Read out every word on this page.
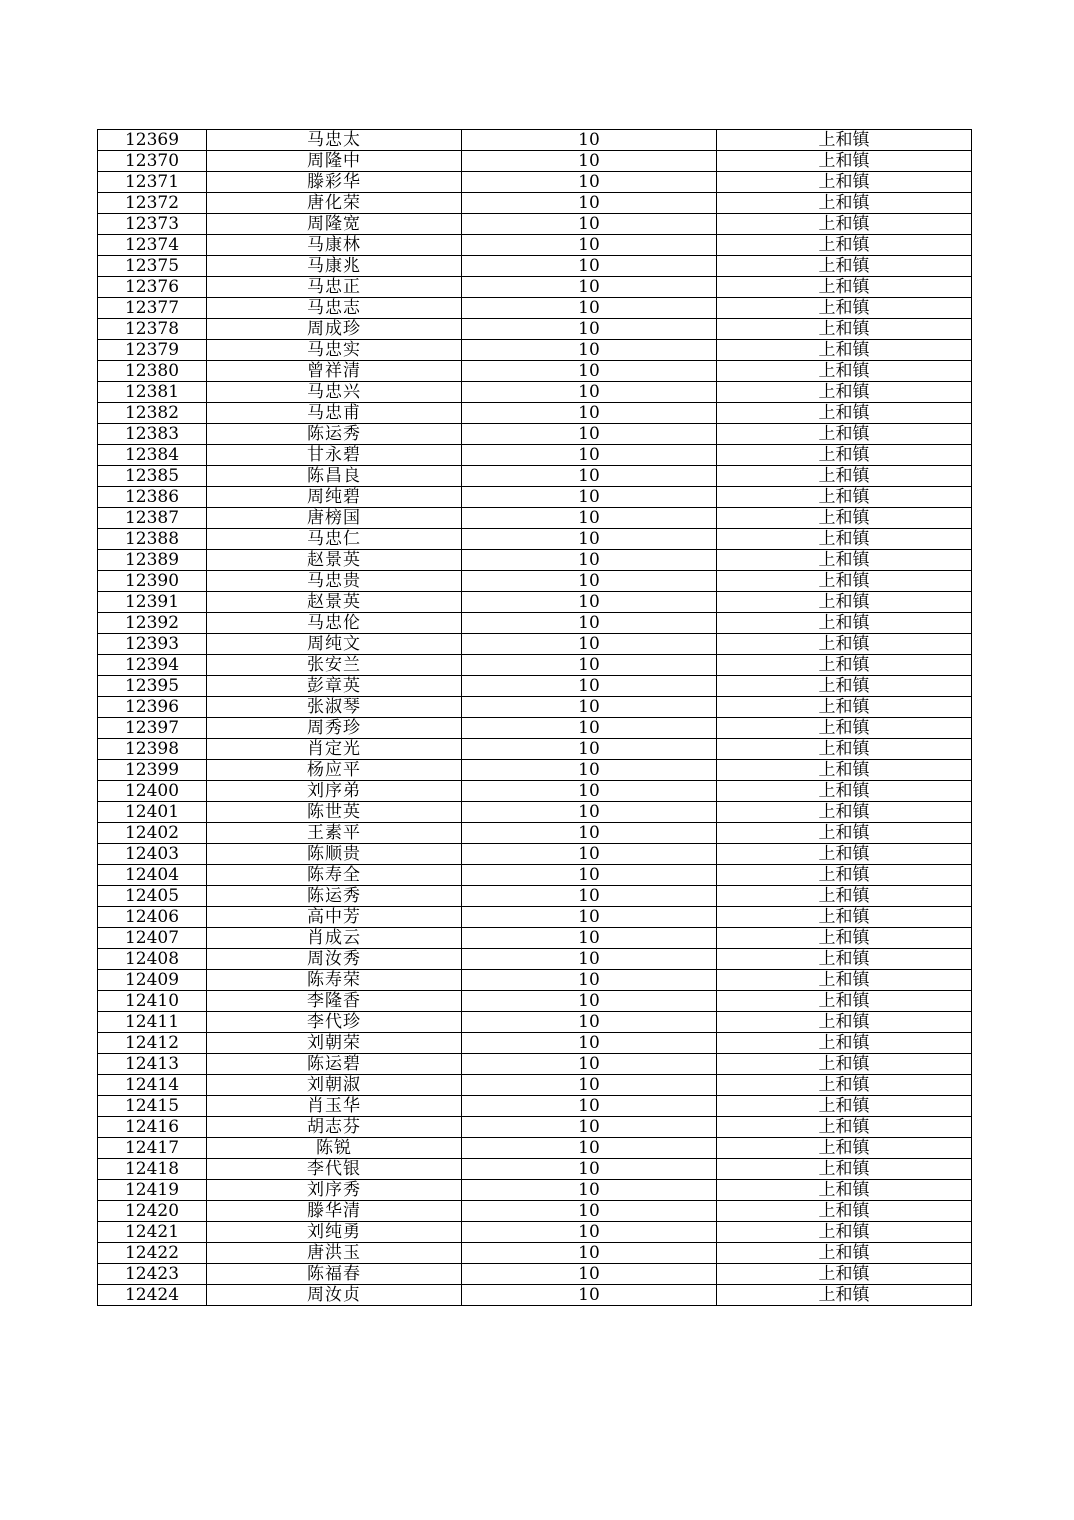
12369	马忠太	10	上和镇
12370	周隆中	10	上和镇
12371	滕彩华	10	上和镇
12372	唐化荣	10	上和镇
12373	周隆宽	10	上和镇
12374	马康林	10	上和镇
12375	马康兆	10	上和镇
12376	马忠正	10	上和镇
12377	马忠志	10	上和镇
12378	周成珍	10	上和镇
12379	马忠实	10	上和镇
12380	曾祥清	10	上和镇
12381	马忠兴	10	上和镇
12382	马忠甫	10	上和镇
12383	陈运秀	10	上和镇
12384	甘永碧	10	上和镇
12385	陈昌良	10	上和镇
12386	周纯碧	10	上和镇
12387	唐榜国	10	上和镇
12388	马忠仁	10	上和镇
12389	赵景英	10	上和镇
12390	马忠贵	10	上和镇
12391	赵景英	10	上和镇
12392	马忠伦	10	上和镇
12393	周纯文	10	上和镇
12394	张安兰	10	上和镇
12395	彭章英	10	上和镇
12396	张淑琴	10	上和镇
12397	周秀珍	10	上和镇
12398	肖定光	10	上和镇
12399	杨应平	10	上和镇
12400	刘序弟	10	上和镇
12401	陈世英	10	上和镇
12402	王素平	10	上和镇
12403	陈顺贵	10	上和镇
12404	陈寿全	10	上和镇
12405	陈运秀	10	上和镇
12406	高中芳	10	上和镇
12407	肖成云	10	上和镇
12408	周汝秀	10	上和镇
12409	陈寿荣	10	上和镇
12410	李隆香	10	上和镇
12411	李代珍	10	上和镇
12412	刘朝荣	10	上和镇
12413	陈运碧	10	上和镇
12414	刘朝淑	10	上和镇
12415	肖玉华	10	上和镇
12416	胡志芬	10	上和镇
12417	陈锐	10	上和镇
12418	李代银	10	上和镇
12419	刘序秀	10	上和镇
12420	滕华清	10	上和镇
12421	刘纯勇	10	上和镇
12422	唐洪玉	10	上和镇
12423	陈福春	10	上和镇
12424	周汝贞	10	上和镇
